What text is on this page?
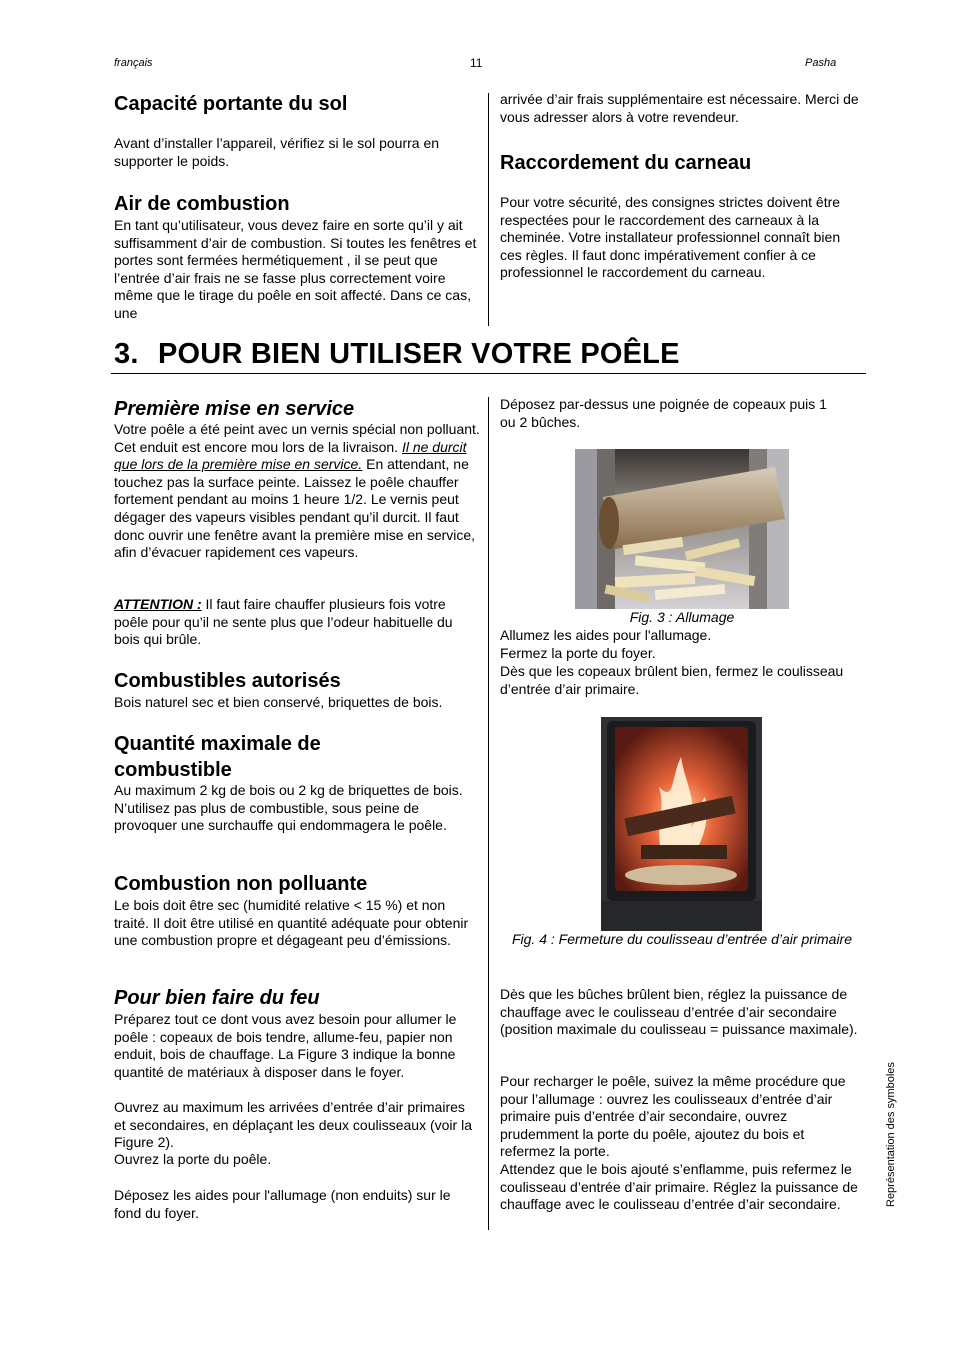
français	11	Pasha
Capacité portante du sol

Avant d’installer l’appareil, vérifiez si le sol pourra en supporter le poids.

Air de combustion

En tant qu’utilisateur, vous devez faire en sorte qu’il y ait suffisamment d’air de combustion. Si toutes les fenêtres et portes sont fermées hermétiquement , il se peut que l’entrée d’air frais ne se fasse plus correctement voire même que le tirage du poêle en soit affecté. Dans ce cas, une

arrivée d’air frais supplémentaire est nécessaire. Merci de vous adresser alors à votre revendeur.

Raccordement du carneau

Pour votre sécurité, des consignes strictes doivent être respectées pour le raccordement des carneaux à la cheminée. Votre installateur professionnel connaît bien ces règles. Il faut donc impérativement confier à ce professionnel le raccordement du carneau.

3. POUR BIEN UTILISER VOTRE POÊLE
Première mise en service

Votre poêle a été peint avec un vernis spécial non polluant. Cet enduit est encore mou lors de la livraison. Il ne durcit que lors de la première mise en service. En attendant, ne touchez pas la surface peinte. Laissez le poêle chauffer fortement pendant au moins 1 heure 1/2. Le vernis peut dégager des vapeurs visibles pendant qu’il durcit. Il faut donc ouvrir une fenêtre avant la première mise en service, afin d’évacuer rapidement ces vapeurs.

ATTENTION : Il faut faire chauffer plusieurs fois votre poêle pour qu’il ne sente plus que l’odeur habituelle du bois qui brûle.

Combustibles autorisés

Bois naturel sec et bien conservé, briquettes de bois.

Quantité maximale de combustible

Au maximum 2 kg de bois ou 2 kg de briquettes de bois. N’utilisez pas plus de combustible, sous peine de provoquer une surchauffe qui endommagera le poêle.

Combustion non polluante

Le bois doit être sec (humidité relative < 15 %) et non traité. Il doit être utilisé en quantité adéquate pour obtenir une combustion propre et dégageant peu d’émissions.

Pour bien faire du feu

Préparez tout ce dont vous avez besoin pour allumer le poêle : copeaux de bois tendre, allume-feu, papier non enduit, bois de chauffage. La Figure 3 indique la bonne quantité de matériaux à disposer dans le foyer.

Ouvrez au maximum les arrivées d’entrée d’air primaires et secondaires, en déplaçant les deux coulisseaux (voir la Figure 2).

Ouvrez la porte du poêle.

Déposez les aides pour l'allumage (non enduits) sur le fond du foyer.

Déposez par-dessus une poignée de copeaux puis 1 ou 2 bûches.

Fig. 3 : Allumage

Allumez les aides pour l'allumage.

Fermez la porte du foyer.

Dès que les copeaux brûlent bien, fermez le coulisseau d’entrée d’air primaire.

Fig. 4 : Fermeture du coulisseau d’entrée d’air primaire

Dès que les bûches brûlent bien, réglez la puissance de chauffage avec le coulisseau d’entrée d’air secondaire (position maximale du coulisseau = puissance maximale).

Pour recharger le poêle, suivez la même procédure que pour l’allumage : ouvrez les coulisseaux d’entrée d’air primaire puis d’entrée d’air secondaire, ouvrez prudemment la porte du poêle, ajoutez du bois et refermez la porte.

Attendez que le bois ajouté s’enflamme, puis refermez le coulisseau d’entrée d’air primaire. Réglez la puissance de chauffage avec le coulisseau d’entrée d’air secondaire.	Représentation des symboles
